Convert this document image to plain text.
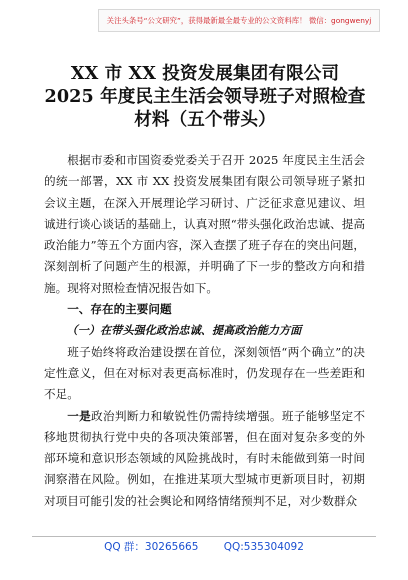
关注头条号“公文研究”，获得最新最全最专业的公文资料库！ 微信：gongwenyj
XX 市 XX 投资发展集团有限公司 2025 年度民主生活会领导班子对照检查材料（五个带头）

根据市委和市国资委党委关于召开 2025 年度民主生活会的统一部署，XX 市 XX 投资发展集团有限公司领导班子紧扣会议主题，在深入开展理论学习研讨、广泛征求意见建议、坦诚进行谈心谈话的基础上，认真对照“带头强化政治忠诚、提高政治能力”等五个方面内容，深入查摆了班子存在的突出问题，深刻剖析了问题产生的根源，并明确了下一步的整改方向和措施。现将对照检查情况报告如下。

一、存在的主要问题

（一）在带头强化政治忠诚、提高政治能力方面

班子始终将政治建设摆在首位，深刻领悟“两个确立”的决定性意义，但在对标对表更高标准时，仍发现存在一些差距和不足。

一是政治判断力和敏锐性仍需持续增强。班子能够坚定不移地贯彻执行党中央的各项决策部署，但在面对复杂多变的外部环境和意识形态领域的风险挑战时，有时未能做到第一时间洞察潜在风险。例如，在推进某项大型城市更新项目时，初期对项目可能引发的社会舆论和网络情绪预判不足，对少数群众

QQ 群：30265665 QQ:535304092
